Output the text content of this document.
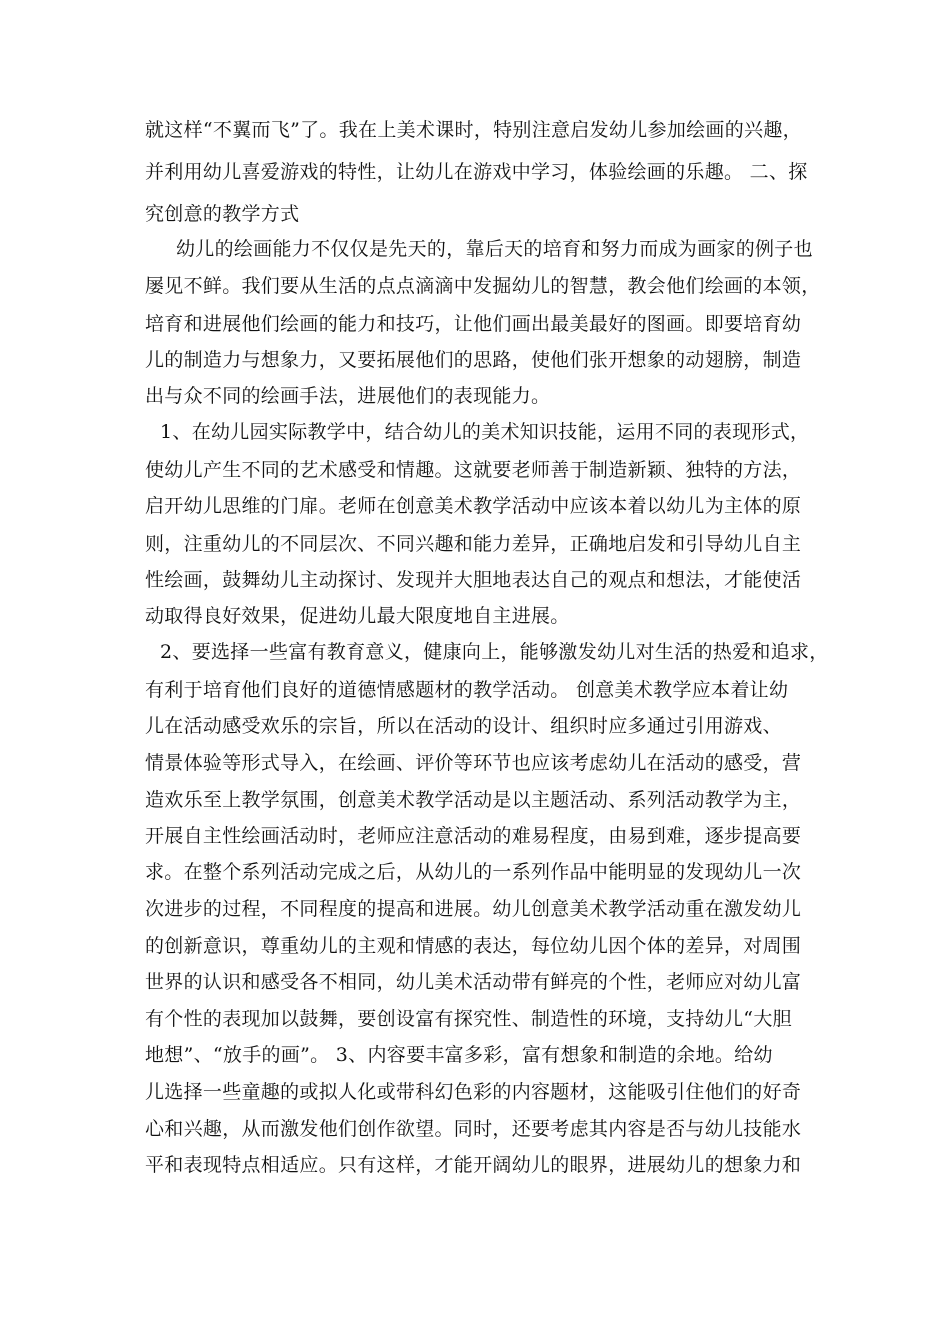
就这样“不翼而飞”了。我在上美术课时，特别注意启发幼儿参加绘画的兴趣，
并利用幼儿喜爱游戏的特性，让幼儿在游戏中学习，体验绘画的乐趣。 二、探
究创意的教学方式
幼儿的绘画能力不仅仅是先天的，靠后天的培育和努力而成为画家的例子也
屡见不鲜。我们要从生活的点点滴滴中发掘幼儿的智慧，教会他们绘画的本领，
培育和进展他们绘画的能力和技巧，让他们画出最美最好的图画。即要培育幼
儿的制造力与想象力，又要拓展他们的思路，使他们张开想象的动翅膀，制造
出与众不同的绘画手法，进展他们的表现能力。
1、在幼儿园实际教学中，结合幼儿的美术知识技能，运用不同的表现形式，
使幼儿产生不同的艺术感受和情趣。这就要老师善于制造新颖、独特的方法，
启开幼儿思维的门扉。老师在创意美术教学活动中应该本着以幼儿为主体的原
则，注重幼儿的不同层次、不同兴趣和能力差异，正确地启发和引导幼儿自主
性绘画，鼓舞幼儿主动探讨、发现并大胆地表达自己的观点和想法，才能使活
动取得良好效果，促进幼儿最大限度地自主进展。
2、要选择一些富有教育意义，健康向上，能够激发幼儿对生活的热爱和追求，
有利于培育他们良好的道德情感题材的教学活动。 创意美术教学应本着让幼
儿在活动感受欢乐的宗旨，所以在活动的设计、组织时应多通过引用游戏、
情景体验等形式导入，在绘画、评价等环节也应该考虑幼儿在活动的感受，营
造欢乐至上教学氛围，创意美术教学活动是以主题活动、系列活动教学为主，
开展自主性绘画活动时，老师应注意活动的难易程度，由易到难，逐步提高要
求。在整个系列活动完成之后，从幼儿的一系列作品中能明显的发现幼儿一次
次进步的过程，不同程度的提高和进展。幼儿创意美术教学活动重在激发幼儿
的创新意识，尊重幼儿的主观和情感的表达，每位幼儿因个体的差异，对周围
世界的认识和感受各不相同，幼儿美术活动带有鲜亮的个性，老师应对幼儿富
有个性的表现加以鼓舞，要创设富有探究性、制造性的环境，支持幼儿“大胆
地想”、“放手的画”。 3、内容要丰富多彩，富有想象和制造的余地。给幼
儿选择一些童趣的或拟人化或带科幻色彩的内容题材，这能吸引住他们的好奇
心和兴趣，从而激发他们创作欲望。同时，还要考虑其内容是否与幼儿技能水
平和表现特点相适应。只有这样，才能开阔幼儿的眼界，进展幼儿的想象力和
